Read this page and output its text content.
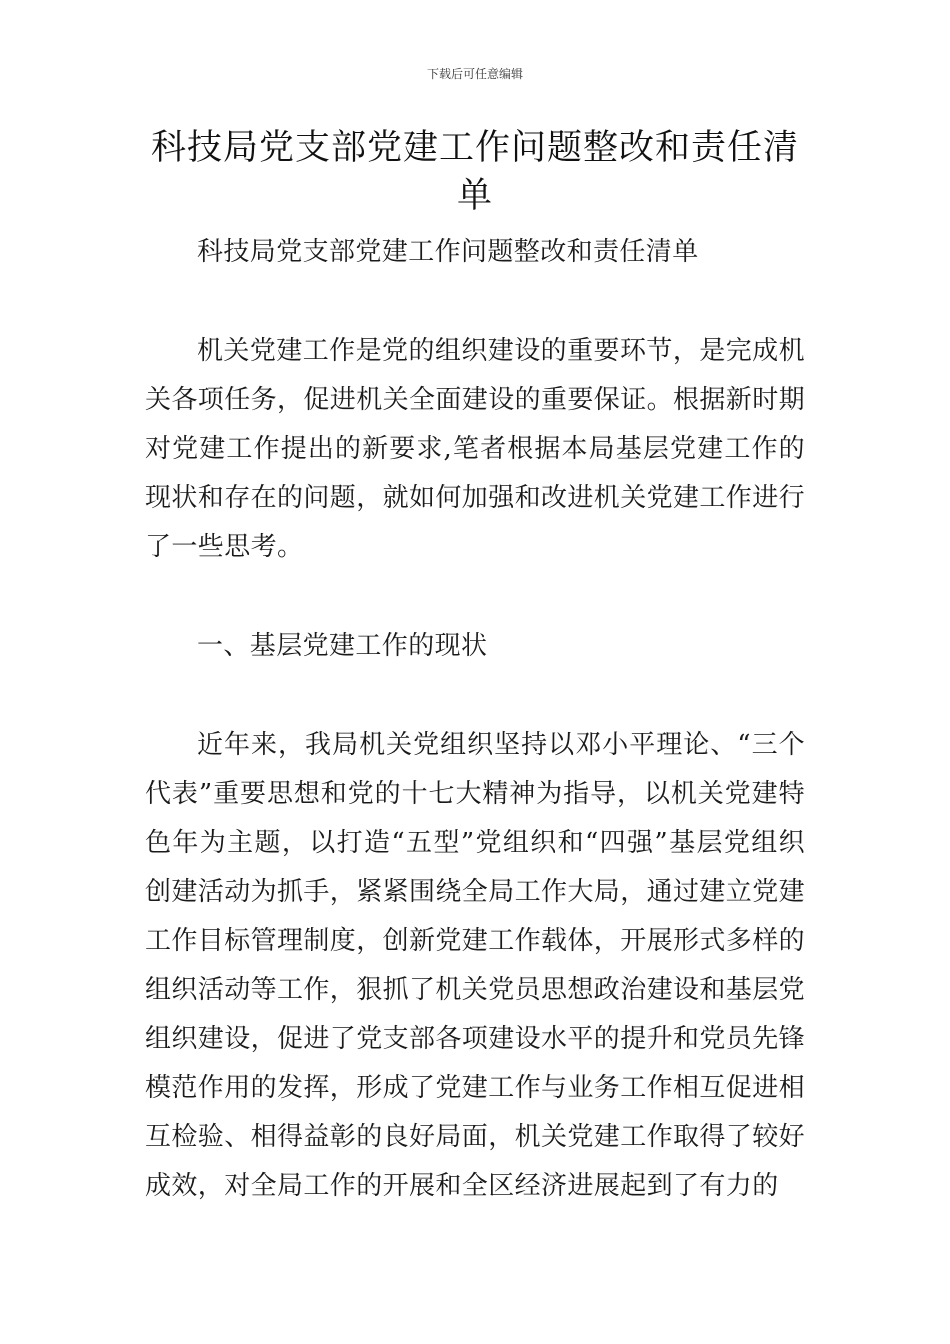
下载后可任意编辑
科技局党支部党建工作问题整改和责任清单

科技局党支部党建工作问题整改和责任清单

机关党建工作是党的组织建设的重要环节，是完成机关各项任务，促进机关全面建设的重要保证。根据新时期对党建工作提出的新要求,笔者根据本局基层党建工作的现状和存在的问题，就如何加强和改进机关党建工作进行了一些思考。

一、基层党建工作的现状

近年来，我局机关党组织坚持以邓小平理论、“三个代表”重要思想和党的十七大精神为指导，以机关党建特色年为主题，以打造“五型”党组织和“四强”基层党组织创建活动为抓手，紧紧围绕全局工作大局，通过建立党建工作目标管理制度，创新党建工作载体，开展形式多样的组织活动等工作，狠抓了机关党员思想政治建设和基层党组织建设，促进了党支部各项建设水平的提升和党员先锋模范作用的发挥，形成了党建工作与业务工作相互促进相互检验、相得益彰的良好局面，机关党建工作取得了较好成效，对全局工作的开展和全区经济进展起到了有力的
